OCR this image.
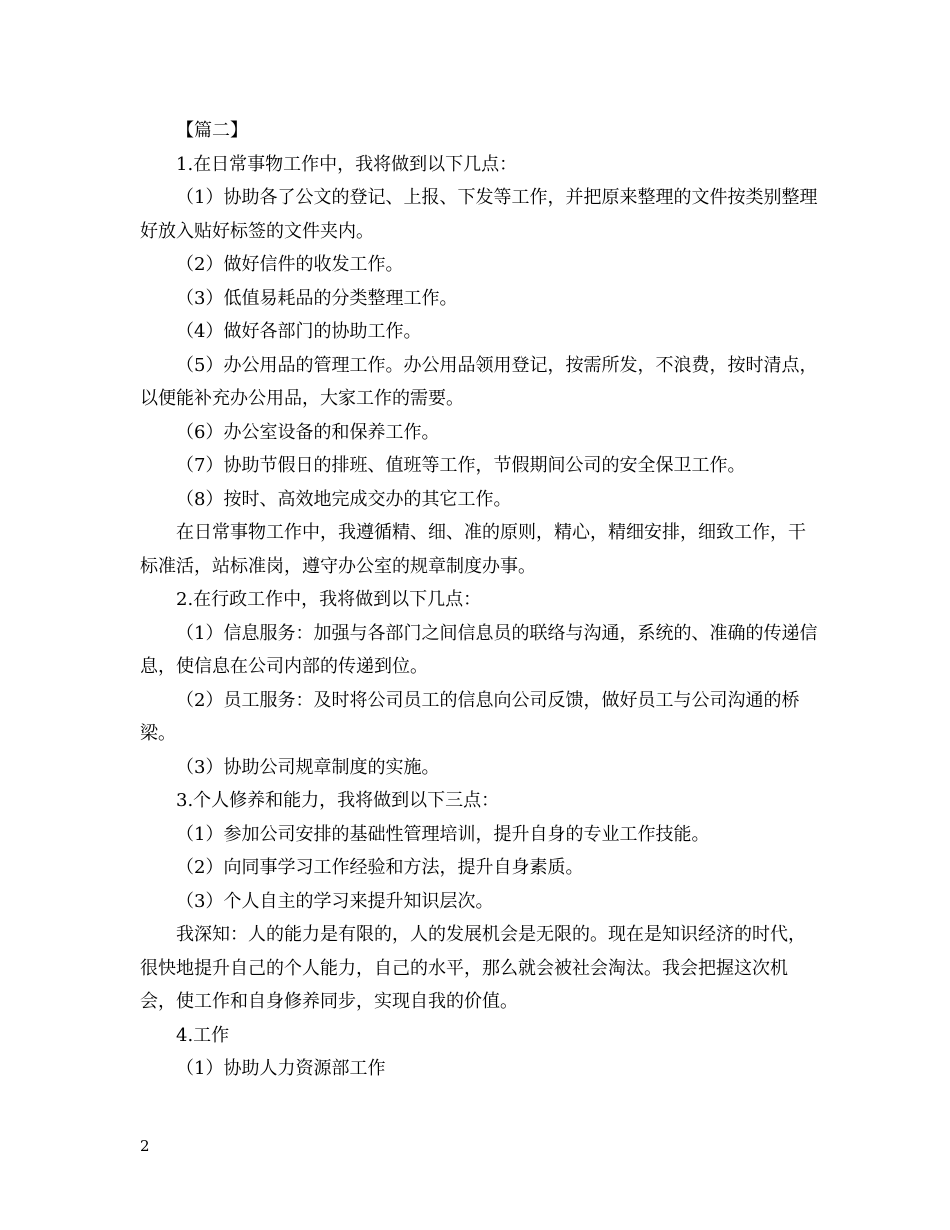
【篇二】

1.在日常事物工作中，我将做到以下几点：

（1）协助各了公文的登记、上报、下发等工作，并把原来整理的文件按类别整理好放入贴好标签的文件夹内。

（2）做好信件的收发工作。

（3）低值易耗品的分类整理工作。

（4）做好各部门的协助工作。

（5）办公用品的管理工作。办公用品领用登记，按需所发，不浪费，按时清点，以便能补充办公用品，大家工作的需要。

（6）办公室设备的和保养工作。

（7）协助节假日的排班、值班等工作，节假期间公司的安全保卫工作。

（8）按时、高效地完成交办的其它工作。

在日常事物工作中，我遵循精、细、准的原则，精心，精细安排，细致工作，干标准活，站标准岗，遵守办公室的规章制度办事。

2.在行政工作中，我将做到以下几点：

（1）信息服务：加强与各部门之间信息员的联络与沟通，系统的、准确的传递信息，使信息在公司内部的传递到位。

（2）员工服务：及时将公司员工的信息向公司反馈，做好员工与公司沟通的桥梁。

（3）协助公司规章制度的实施。

3.个人修养和能力，我将做到以下三点：

（1）参加公司安排的基础性管理培训，提升自身的专业工作技能。

（2）向同事学习工作经验和方法，提升自身素质。

（3）个人自主的学习来提升知识层次。

我深知：人的能力是有限的，人的发展机会是无限的。现在是知识经济的时代，很快地提升自己的个人能力，自己的水平，那么就会被社会淘汰。我会把握这次机会，使工作和自身修养同步，实现自我的价值。

4.工作

（1）协助人力资源部工作

2
